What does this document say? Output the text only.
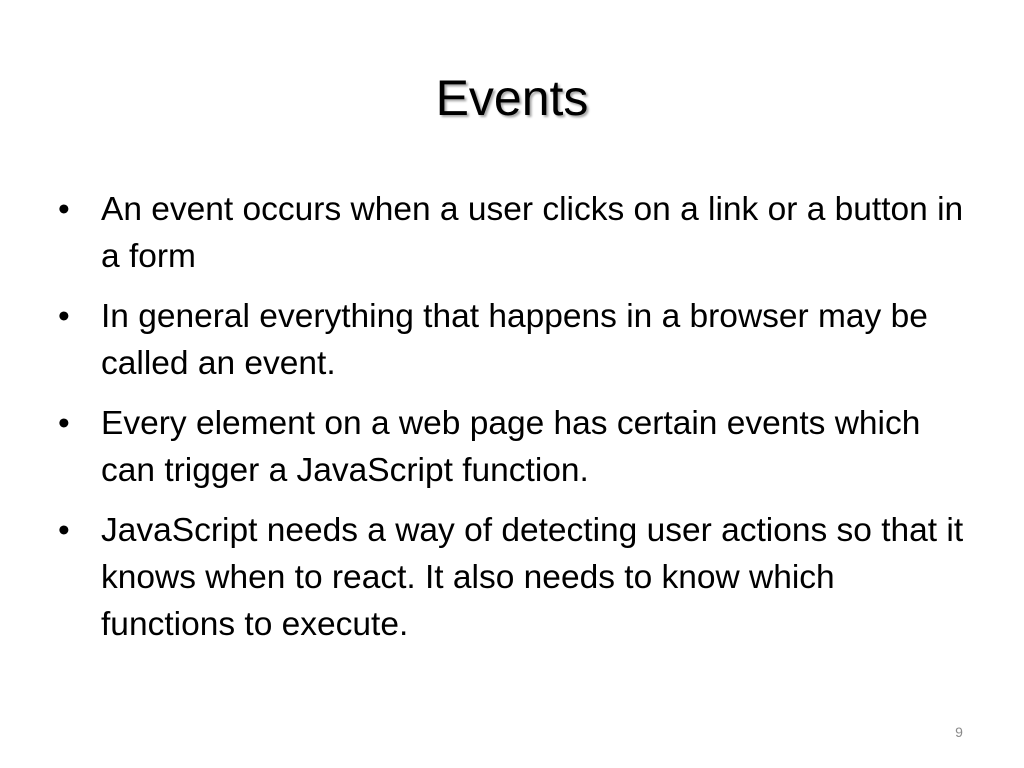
Events
• An event occurs when a user clicks on a link or a button in a form
• In general everything that happens in a browser may be called an event.
• Every element on a web page has certain events which can trigger a JavaScript function.
• JavaScript needs a way of detecting user actions so that it knows when to react. It also needs to know which functions to execute.
9
